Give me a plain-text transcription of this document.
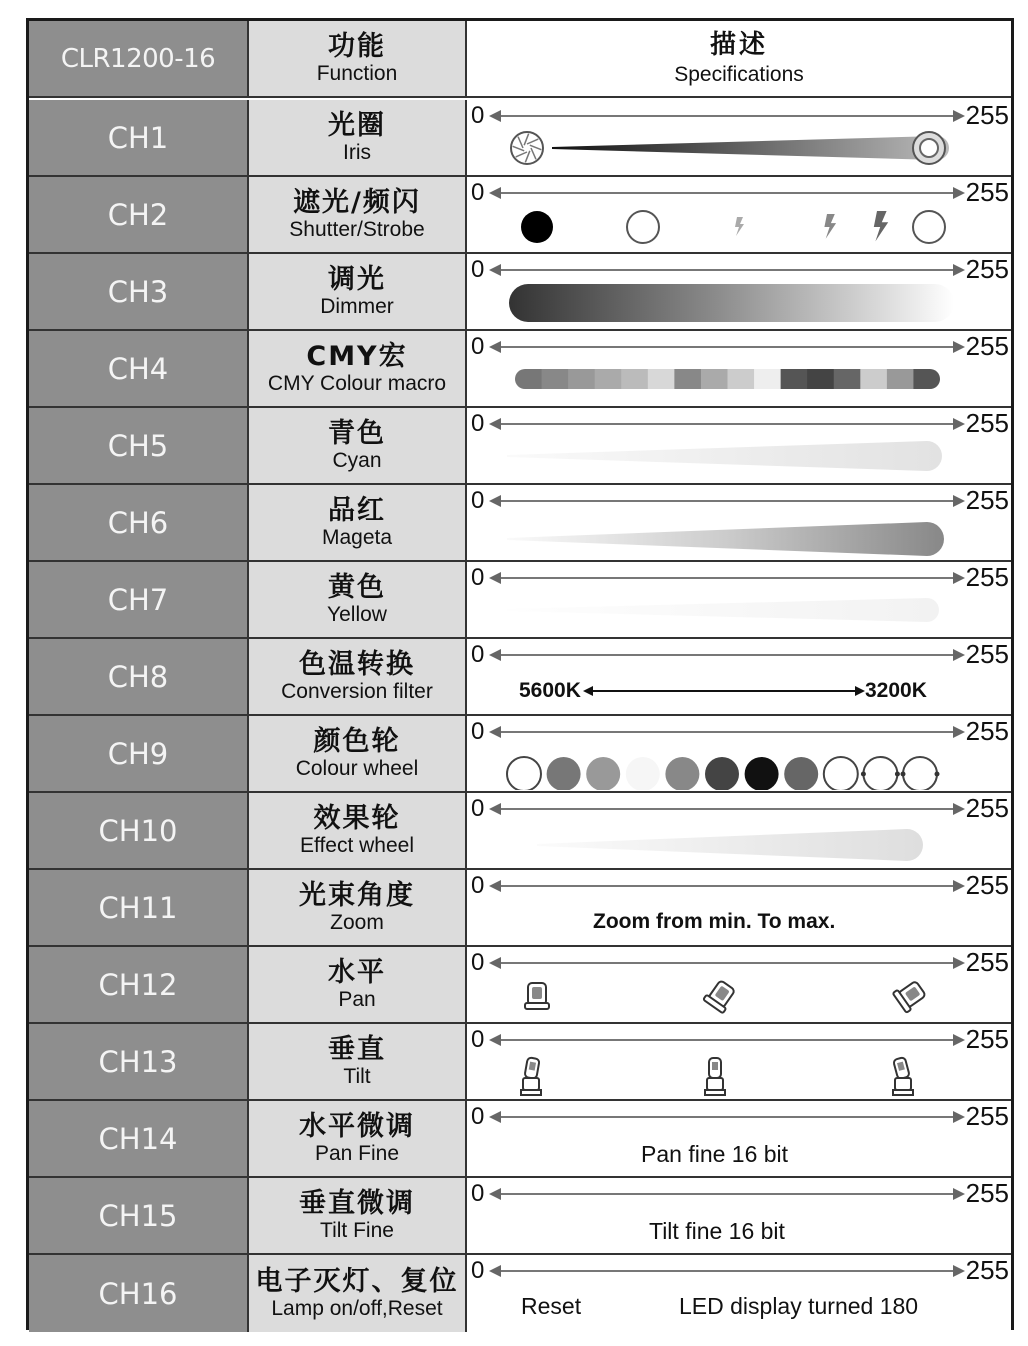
CLR1200-16	功能
Function
描述
Specifications
CH1	光圈
Iris
0	255
CH2	遮光/频闪
Shutter/Strobe
0	255
CH3	调光
Dimmer
0	255
CH4	CMY宏
CMY Colour macro
0	255
CH5	青色
Cyan
0	255
CH6	品红
Mageta
0	255
CH7	黄色
Yellow
0	255
CH8	色温转换
Conversion filter
0	255
5600K	3200K
CH9	颜色轮
Colour wheel
0	255
CH10	效果轮
Effect wheel
0	255
CH11	光束角度
Zoom
0	255
Zoom from min. To max.
CH12	水平
Pan
0	255
CH13	垂直
Tilt
0	255
CH14	水平微调
Pan Fine
0	255
Pan fine 16 bit
CH15	垂直微调
Tilt Fine
0	255
Tilt fine 16 bit
CH16	电子灭灯、复位
Lamp on/off,Reset
0	255
Reset	LED display turned 180
